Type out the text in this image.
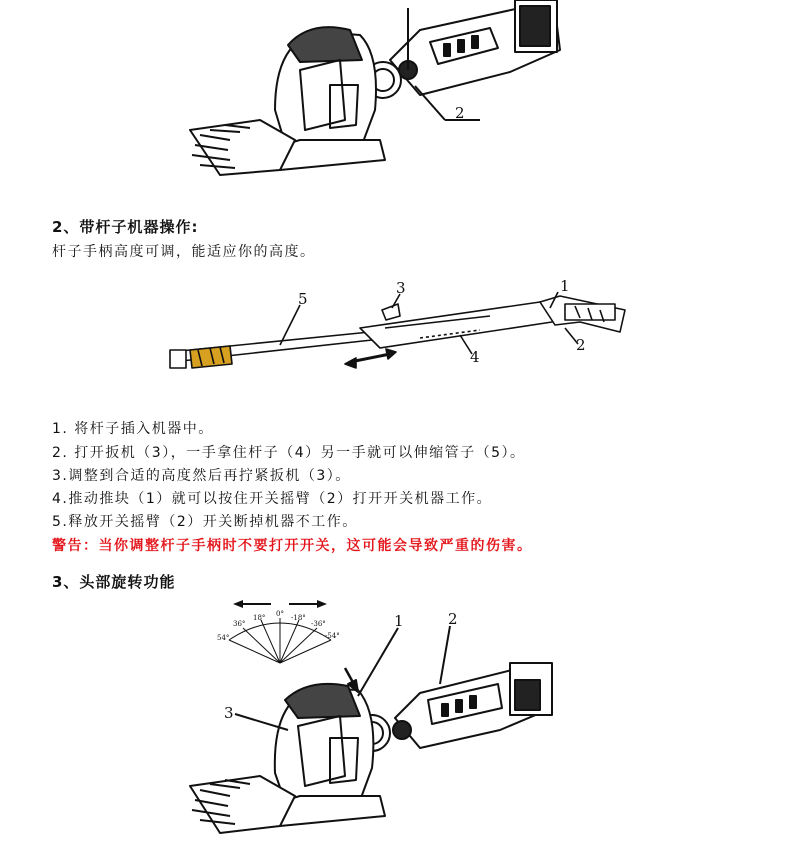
2
2、带杆子机器操作:
杆子手柄高度可调，能适应你的高度。
5
3	1
2
4
1. 将杆子插入机器中。
2. 打开扳机（3），一手拿住杆子（4）另一手就可以伸缩管子（5）。
3.调整到合适的高度然后再拧紧扳机（3）。
4.推动推块（1）就可以按住开关摇臂（2）打开开关机器工作。
5.释放开关摇臂（2）开关断掉机器不工作。
警告：当你调整杆子手柄时不要打开开关，这可能会导致严重的伤害。
3、头部旋转功能
36°
18° 0° -18°
-36°
54°	-54°
1	2
3
